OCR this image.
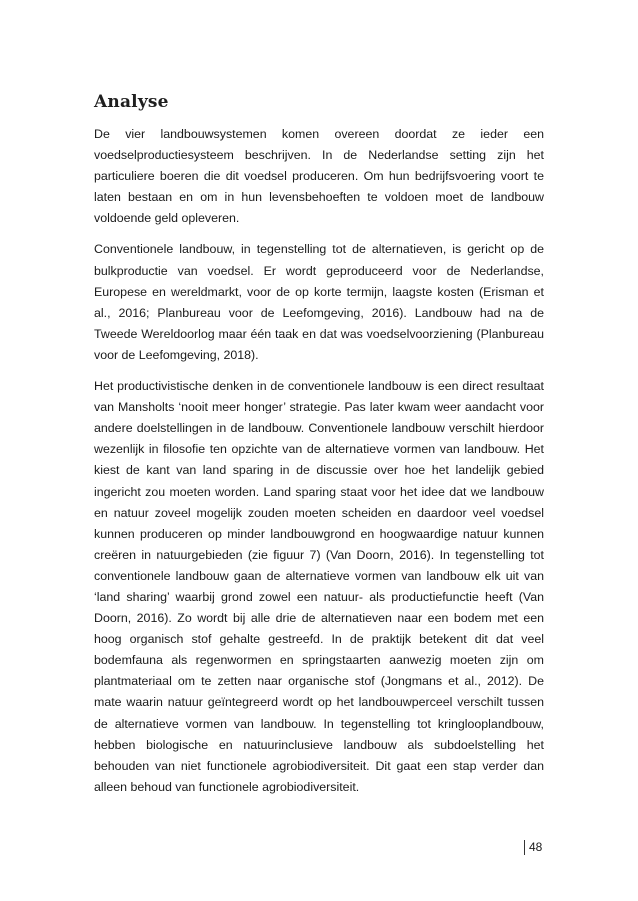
Analyse

De vier landbouwsystemen komen overeen doordat ze ieder een voedselproductiesysteem beschrijven. In de Nederlandse setting zijn het particuliere boeren die dit voedsel produceren. Om hun bedrijfsvoering voort te laten bestaan en om in hun levensbehoeften te voldoen moet de landbouw voldoende geld opleveren.

Conventionele landbouw, in tegenstelling tot de alternatieven, is gericht op de bulkproductie van voedsel. Er wordt geproduceerd voor de Nederlandse, Europese en wereldmarkt, voor de op korte termijn, laagste kosten (Erisman et al., 2016; Planbureau voor de Leefomgeving, 2016). Landbouw had na de Tweede Wereldoorlog maar één taak en dat was voedselvoorziening (Planbureau voor de Leefomgeving, 2018).

Het productivistische denken in de conventionele landbouw is een direct resultaat van Mansholts ‘nooit meer honger’ strategie. Pas later kwam weer aandacht voor andere doelstellingen in de landbouw. Conventionele landbouw verschilt hierdoor wezenlijk in filosofie ten opzichte van de alternatieve vormen van landbouw. Het kiest de kant van land sparing in de discussie over hoe het landelijk gebied ingericht zou moeten worden. Land sparing staat voor het idee dat we landbouw en natuur zoveel mogelijk zouden moeten scheiden en daardoor veel voedsel kunnen produceren op minder landbouwgrond en hoogwaardige natuur kunnen creëren in natuurgebieden (zie figuur 7) (Van Doorn, 2016). In tegenstelling tot conventionele landbouw gaan de alternatieve vormen van landbouw elk uit van ‘land sharing’ waarbij grond zowel een natuur- als productiefunctie heeft (Van Doorn, 2016). Zo wordt bij alle drie de alternatieven naar een bodem met een hoog organisch stof gehalte gestreefd. In de praktijk betekent dit dat veel bodemfauna als regenwormen en springstaarten aanwezig moeten zijn om plantmateriaal om te zetten naar organische stof (Jongmans et al., 2012). De mate waarin natuur geïntegreerd wordt op het landbouwperceel verschilt tussen de alternatieve vormen van landbouw. In tegenstelling tot kringlooplandbouw, hebben biologische en natuurinclusieve landbouw als subdoelstelling het behouden van niet functionele agrobiodiversiteit. Dit gaat een stap verder dan alleen behoud van functionele agrobiodiversiteit.

48
